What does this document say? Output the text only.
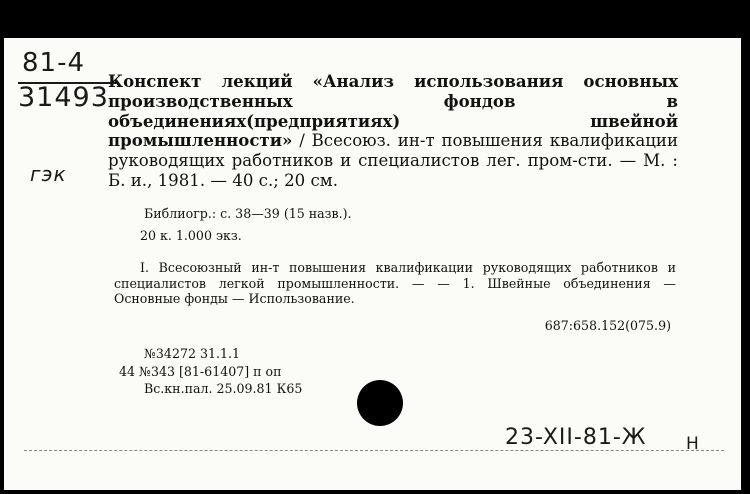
81-4
31493
гэк
Конспект лекций «Анализ использования основных производственных фондов в объединениях(предприятиях) швейной промышленности» / Всесоюз. ин-т повышения квалификации руководящих работников и специалистов лег. пром-сти. — М. : Б. и., 1981. — 40 с.; 20 см.
Библиогр.: с. 38—39 (15 назв.).
20 к. 1.000 экз.
I. Всесоюзный ин-т повышения квалификации руководящих работников и специалистов легкой промышленности. — — 1. Швейные объединения — Основные фонды — Использование.
687:658.152(075.9)
№34272 31.1.1
44 №343 [81-61407] п оп
Вс.кн.пал. 25.09.81 К65
23-XII-81-Ж Н
